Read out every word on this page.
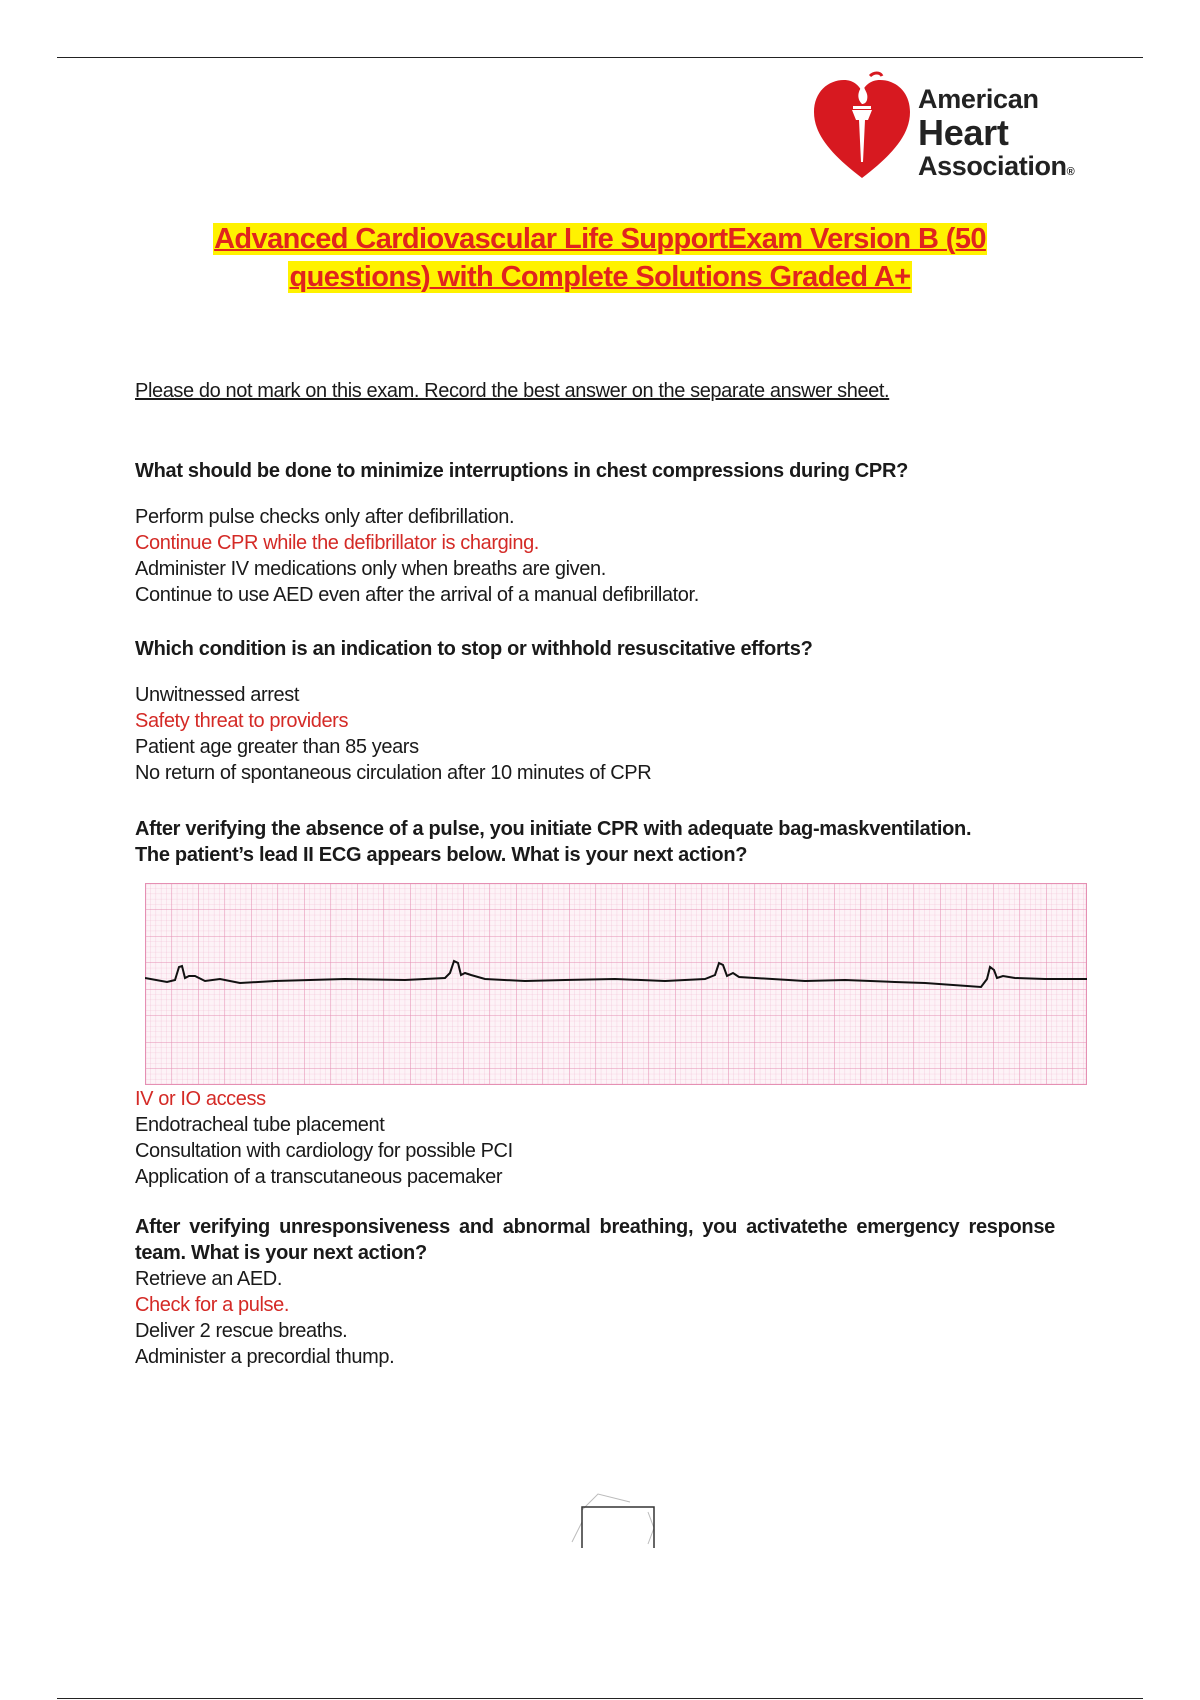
American
Heart
Association®
Advanced Cardiovascular Life SupportExam Version B (50
questions) with Complete Solutions Graded A+
Please do not mark on this exam. Record the best answer on the separate answer sheet.
What should be done to minimize interruptions in chest compressions during CPR?
Perform pulse checks only after defibrillation.
Continue CPR while the defibrillator is charging.
Administer IV medications only when breaths are given.
Continue to use AED even after the arrival of a manual defibrillator.
Which condition is an indication to stop or withhold resuscitative efforts?
Unwitnessed arrest
Safety threat to providers
Patient age greater than 85 years
No return of spontaneous circulation after 10 minutes of CPR
After verifying the absence of a pulse, you initiate CPR with adequate bag-maskventilation.
The patient’s lead II ECG appears below. What is your next action?
IV or IO access
Endotracheal tube placement
Consultation with cardiology for possible PCI
Application of a transcutaneous pacemaker
After verifying unresponsiveness and abnormal breathing, you activatethe emergency response team. What is your next action?
Retrieve an AED.
Check for a pulse.
Deliver 2 rescue breaths.
Administer a precordial thump.
